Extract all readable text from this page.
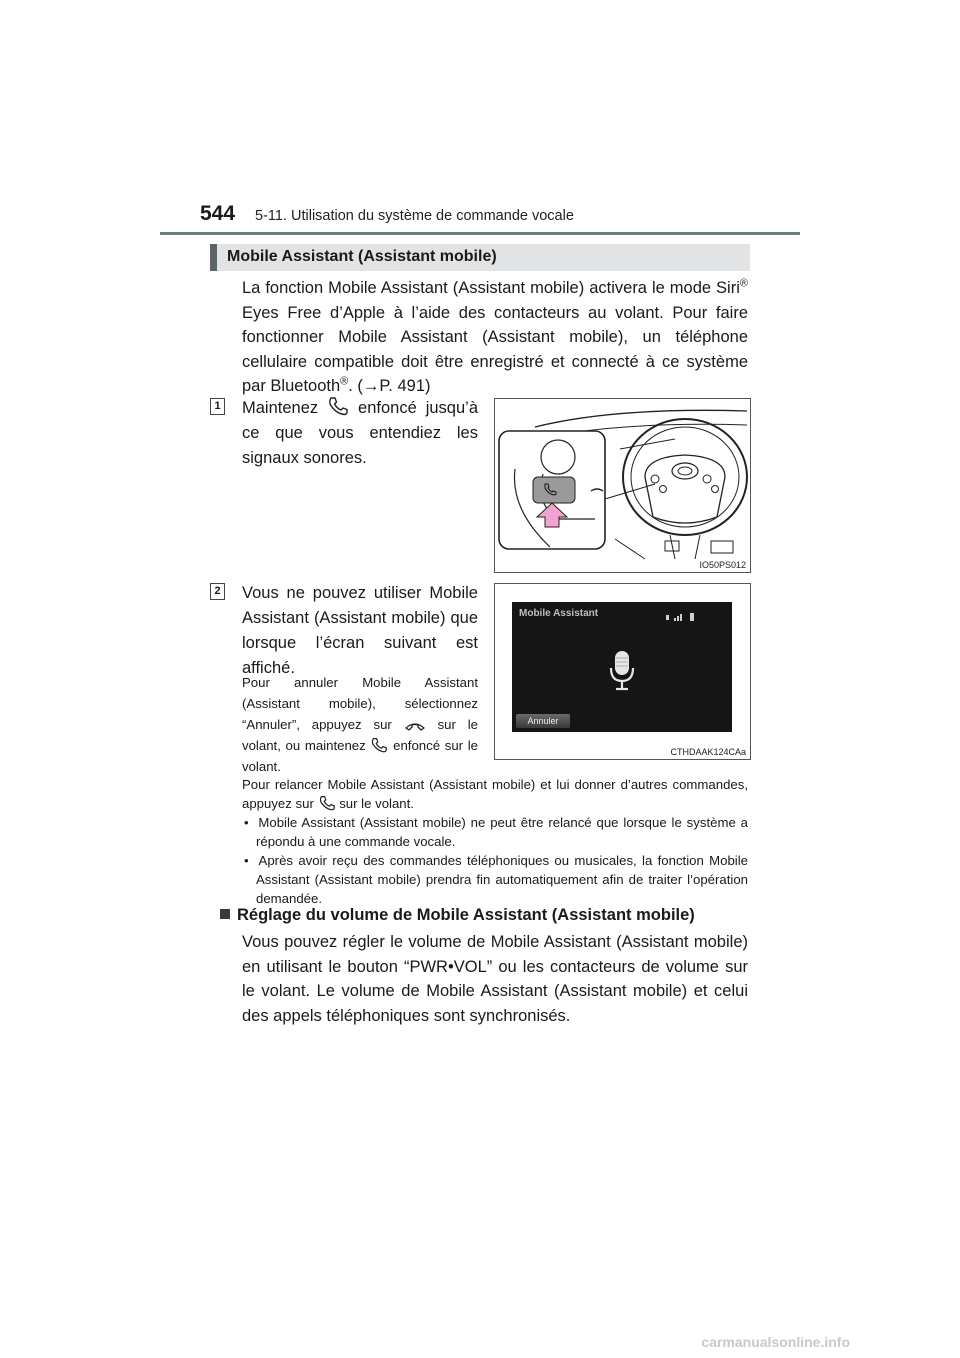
544 5-11. Utilisation du système de commande vocale
Mobile Assistant (Assistant mobile)
La fonction Mobile Assistant (Assistant mobile) activera le mode Siri® Eyes Free d’Apple à l’aide des contacteurs au volant. Pour faire fonctionner Mobile Assistant (Assistant mobile), un téléphone cellulaire compatible doit être enregistré et connecté à ce système par Bluetooth®. (→P. 491)
1 Maintenez enfoncé jusqu’à ce que vous entendiez les signaux sonores.
IO50PS012
2 Vous ne pouvez utiliser Mobile Assistant (Assistant mobile) que lorsque l’écran suivant est affiché.
Pour annuler Mobile Assistant (Assistant mobile), sélectionnez “Annuler”, appuyez sur	sur le volant, ou maintenez enfoncé sur le volant.
Mobile Assistant
Annuler
CTHDAAK124CAa
Pour relancer Mobile Assistant (Assistant mobile) et lui donner d’autres commandes, appuyez sur sur le volant.
•  Mobile Assistant (Assistant mobile) ne peut être relancé que lorsque le système a répondu à une commande vocale.
•  Après avoir reçu des commandes téléphoniques ou musicales, la fonction Mobile Assistant (Assistant mobile) prendra fin automatiquement afin de traiter l’opération demandée.
Réglage du volume de Mobile Assistant (Assistant mobile)
Vous pouvez régler le volume de Mobile Assistant (Assistant mobile) en utilisant le bouton “PWR•VOL” ou les contacteurs de volume sur le volant. Le volume de Mobile Assistant (Assistant mobile) et celui des appels téléphoniques sont synchronisés.
carmanualsonline.info
